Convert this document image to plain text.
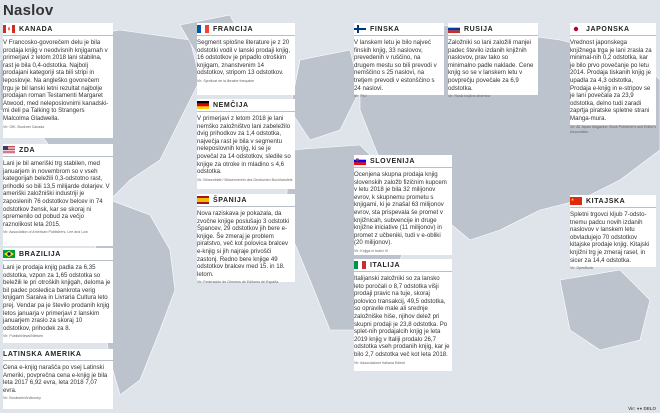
Naslov
KANADA
V Francosko-govorečem delu je bila prodaja knjig v neodvisnih knjigarnah v primerjavi z letom 2018 lani stabilna, rast je bila 0,4-odstotka. Najbolj prodajani kategoriji sta bili stripi in leposlovje. Na angleško govorečem trgu je bil lanski letni rezultat najbolje prodajan roman Testamenti Margaret Atwood, med neleposlovnimi kanadski-mi deli pa Talking to Strangers Malcolma Gladwella.
Vir: GfK, Booknet Canada
ZDA
Lani je bil ameriški trg stabilen, med januarjem in novembrom so v vseh kategorijah beležili 0,3-odstotno rast, prihodki so bili 13,5 milijarde dolarjev. V ameriški založniški industriji je zaposlenih 76 odstotkov belcev in 74 odstotkov žensk, kar se skoraj ni spremenilo od pobud za večjo raznolikost leta 2015.
Vir: Association of American Publishers, Lee and Low
BRAZILIJA
Lani je prodaja knjig padla za 6,35 odstotka, vzpon za 1,65 odstotka so beležili le pri otroških knjigah, deloma je bil padec posledica bankrota verig knjigarn Saraiva in Livraria Cultura leto prej. Vendar pa je število prodanih knjig letos januarja v primerjavi z lanskim januarjem zraslo za skoraj 10 odstotkov, prihodek za 8.
Vir: PublishNews/Nielsen
LATINSKA AMERIKA
Cena e-knjig narašča po vsej Latinski Ameriki, povprečna cena e-knjig je bila leta 2017 6,92 evra, leta 2018 7,07 evra.
Vir: Bookwire/Arcibooky
FRANCIJA
Segment splošne literature je z 20 odstotki vodil v lanski prodaji knjig, 16 odstotkov je pripadlo otroškim knjigam, znanstvenim 14 odstotkov, stripom 13 odstotkov.
Vir: Syndicat de la librairie française
NEMČIJA
V primerjavi z letom 2018 je lani nemško založništvo lani zabeležilo dvig prihodkov za 1,4 odstotka, največja rast je bila v segmentu neleposlovnih knjig, ki se je povečal za 14 odstotkov, sledile so knjige za otroke in mladino s 4,6 odstotka.
Vir: Börsenblatt / Börsenverein des Deutschen Buchhandels
ŠPANIJA
Nova raziskava je pokazala, da zvočne knjige poslušajo 3 odstotki Špancev, 29 odstotkov jih bere e-knjige. Še zmeraj je problem piratstvo, več kot polovica bralcev e-knjig si jih najraje privošči zastonj. Redno bere knjige 49 odstotkov bralcev med 15. in 18. letom.
Vir: Federación de Gremios de Editores de España
FINSKA
V lanskem letu je bilo najveć finskih knjig, 33 naslovov, prevedenih v ruščino, na drugem mestu so bili prevodi v nemščino s 25 naslovi, na tretjem prevodi v estonščino s 24 naslovi.
Vir: FILI
RUSIJA
Založniki so lani založili manjei padec število izdanih knjižnih naslovov, prav tako so minimalno padle naklade. Cene knjig so se v lanskem letu v povprečju povečale za 6,9 odstotka.
Vir: Ruski knjižna zbornica
JAPONSKA
Vrednost japonskega knjižnega trga je lani zrasla za minimal-nih 0,2 odstotka, kar je bilo prvo povečanje po letu 2014. Prodaja tiskanih knjig je upadla za 4,3 odstotka, Prodaja e-knjig in e-stripov se je lani povečala za 23,9 odstotka, delno tudi zaradi zaprtja piratske spletne strani Manga-mura.
Vir: All Japan Magazine, Book Publisher's and Editor's Association
SLOVENIJA
Ocenjena skupna prodaja knjig slovenskih založb fizičnim kupcem v letu 2018 je bila 32 milijonov evrov, k skupnemu prometu s knjigami, ki je znašal 63 milijonov evrov, sta prispevala še promet v knjižnicah, subvencije in druge knjižne iniciative (11 milijonov) in promet z učbeniki, tudi v e-obliki (20 milijonov).
Vir: Knjiga in bralci VI
KITAJSKA
Spletni trgovci kljub 7-odsto-tnemu padcu novih izdanih naslovov v lanskem letu obvladujejo 70 odstotkov kitajske prodaje knjig. Kitajski knjižni trg je zmeraj rasel, in sicer za 14,4 odstotka.
Vir: OpenBook
ITALIJA
Italijanski založniki so za lansko leto poročali o 8,7 odstotka višji prodaji pravic na tuje, skoraj polovico transakcij, 49,5 odstotka, so opravile male ali srednje založniške hiše, njihov delež pri skupni prodaji je 23,8 odstotka. Po splet-nih prodajalcih knjig je leta 2019 knjig v Italiji prodalo 26,7 odstotka vseh prodanih knjig, kar je bilo 2,7 odstotka več kot leta 2018.
Vir: Associazione Italiana Editori
Vir: ●● DELO
